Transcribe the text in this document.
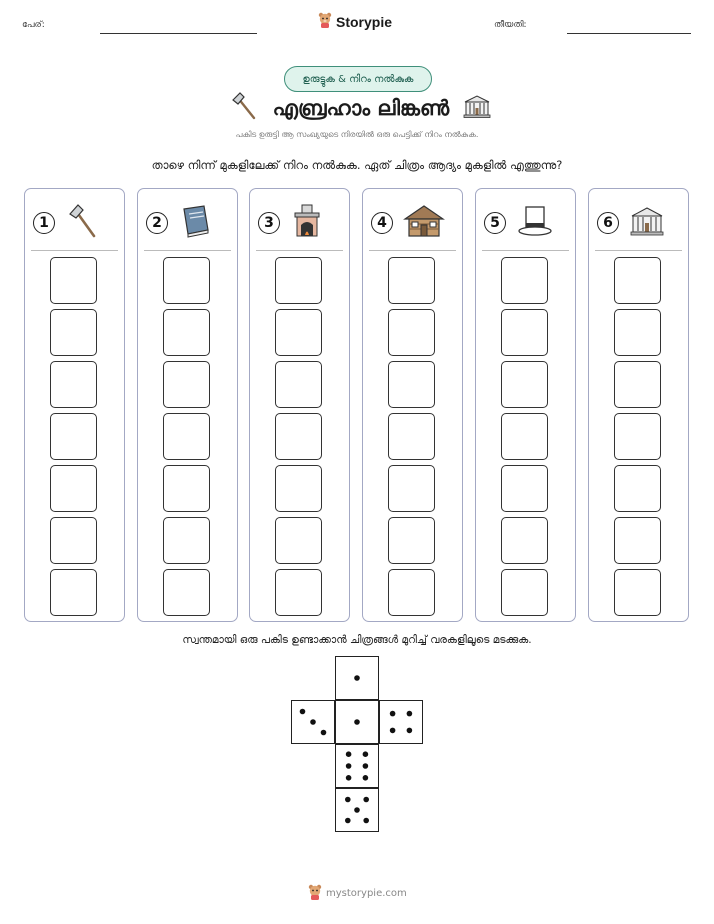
പേര്:	Storypie	തീയതി:
ഉരുട്ടുക & നിറം നൽകുക
എബ്രഹാം ലിങ്കൺ
പകിട ഉരുട്ടി ആ സംഖ്യയുടെ നിരയിൽ ഒരു പെട്ടിക്ക് നിറം നൽകുക.
താഴെ നിന്ന് മുകളിലേക്ക് നിറം നൽകുക. ഏത് ചിത്രം ആദ്യം മുകളിൽ എത്തുന്നു?
1	2	3	4	5	6
സ്വന്തമായി ഒരു പകിട ഉണ്ടാക്കാൻ ചിത്രങ്ങൾ മുറിച്ച് വരകളിലൂടെ മടക്കുക.
mystorypie.com
